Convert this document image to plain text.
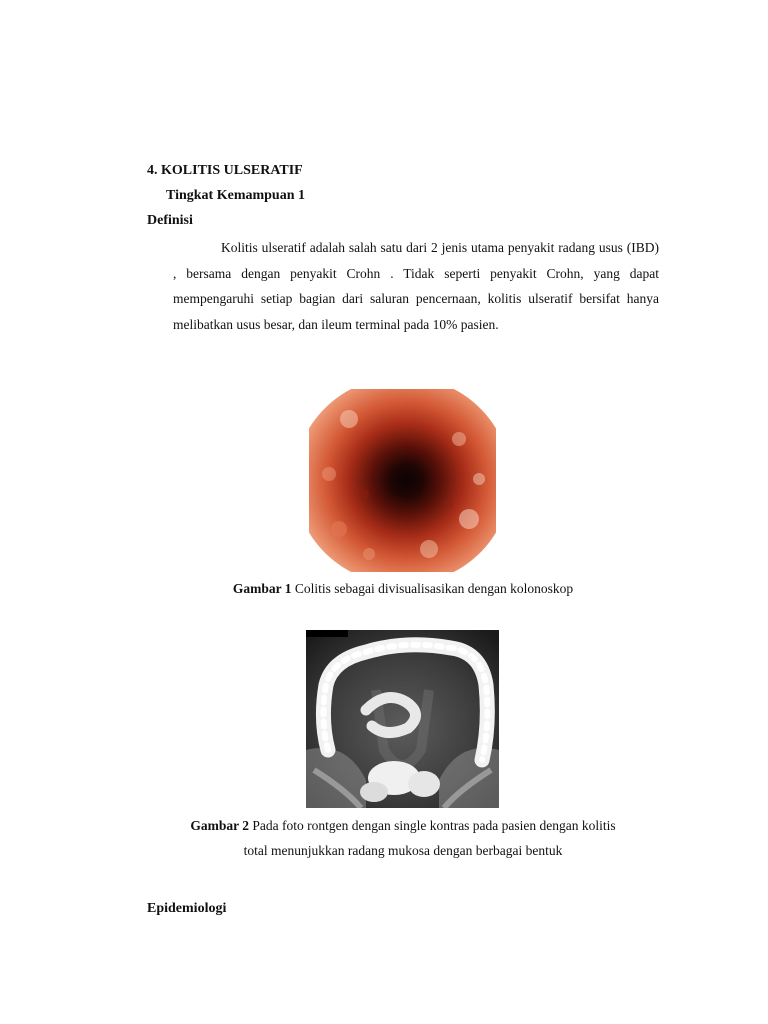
4. KOLITIS ULSERATIF
Tingkat Kemampuan 1
Definisi
Kolitis ulseratif adalah salah satu dari 2 jenis utama penyakit radang usus (IBD) , bersama dengan penyakit Crohn . Tidak seperti penyakit Crohn, yang dapat mempengaruhi setiap bagian dari saluran pencernaan, kolitis ulseratif bersifat hanya melibatkan usus besar, dan ileum terminal pada 10% pasien.
Gambar 1 Colitis sebagai divisualisasikan dengan kolonoskop
Gambar 2 Pada foto rontgen dengan single kontras pada pasien dengan kolitis
total menunjukkan radang mukosa dengan berbagai bentuk
Epidemiologi
